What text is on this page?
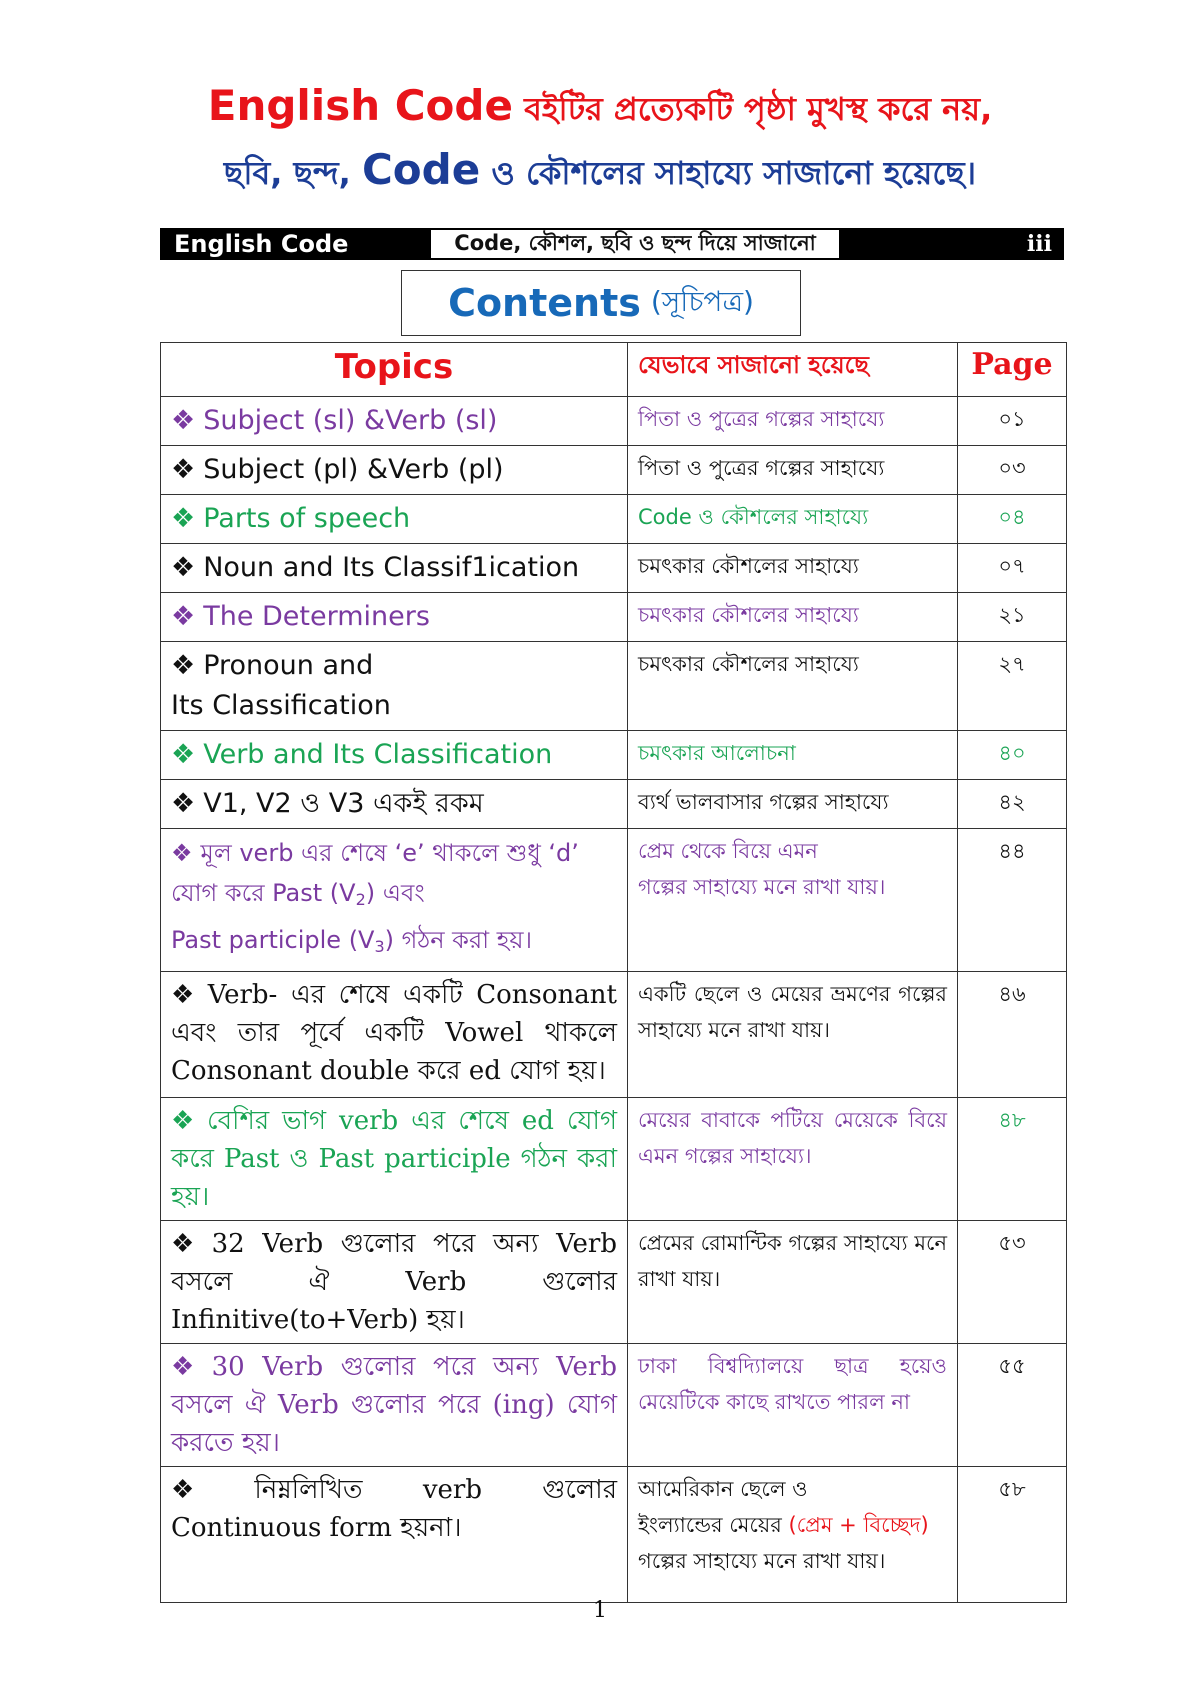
English Code বইটির প্রত্যেকটি পৃষ্ঠা মুখস্থ করে নয়,
ছবি, ছন্দ, Code ও কৌশলের সাহায্যে সাজানো হয়েছে।
English Code	Code, কৌশল, ছবি ও ছন্দ দিয়ে সাজানো	iii
Contents (সূচিপত্র)
Topics	যেভাবে সাজানো হয়েছে	Page
❖ Subject (sl) &Verb (sl)	পিতা ও পুত্রের গল্পের সাহায্যে	০১
❖ Subject (pl) &Verb (pl)	পিতা ও পুত্রের গল্পের সাহায্যে	০৩
❖ Parts of speech	Code ও কৌশলের সাহায্যে	০৪
❖ Noun and Its Classif1ication	চমৎকার কৌশলের সাহায্যে	০৭
❖ The Determiners	চমৎকার কৌশলের সাহায্যে	২১
❖ Pronoun and
Its Classification	চমৎকার কৌশলের সাহায্যে	২৭
❖ Verb and Its Classification	চমৎকার আলোচনা	৪০
❖ V1, V2 ও V3 একই রকম	ব্যর্থ ভালবাসার গল্পের সাহায্যে	৪২
❖ মূল verb এর শেষে ‘e’ থাকলে শুধু ‘d’
যোগ করে Past $(V_2)$ এবং
Past participle $(V_3)$ গঠন করা হয়।	প্রেম থেকে বিয়ে এমন
গল্পের সাহায্যে মনে রাখা যায়।	৪৪
❖ Verb- এর শেষে একটি Consonant এবং তার পূর্বে একটি Vowel থাকলে Consonant double করে ed যোগ হয়।	একটি ছেলে ও মেয়ের ভ্রমণের গল্পের সাহায্যে মনে রাখা যায়।	৪৬
❖ বেশির ভাগ verb এর শেষে ed যোগ করে Past ও Past participle গঠন করা হয়।	মেয়ের বাবাকে পটিয়ে মেয়েকে বিয়ে এমন গল্পের সাহায্যে।	৪৮
❖ 32 Verb গুলোর পরে অন্য Verb বসলে ঐ Verb গুলোর Infinitive(to+Verb) হয়।	প্রেমের রোমান্টিক গল্পের সাহায্যে মনে রাখা যায়।	৫৩
❖ 30 Verb গুলোর পরে অন্য Verb বসলে ঐ Verb গুলোর পরে (ing) যোগ করতে হয়।	ঢাকা বিশ্বদ্যিালয়ে ছাত্র হয়েও মেয়েটিকে কাছে রাখতে পারল না	৫৫
❖ নিম্নলিখিত verb গুলোর Continuous form হয়না।	আমেরিকান ছেলে ও
ইংল্যান্ডের মেয়ের (প্রেম + বিচ্ছেদ)
গল্পের সাহায্যে মনে রাখা যায়।	৫৮
1
